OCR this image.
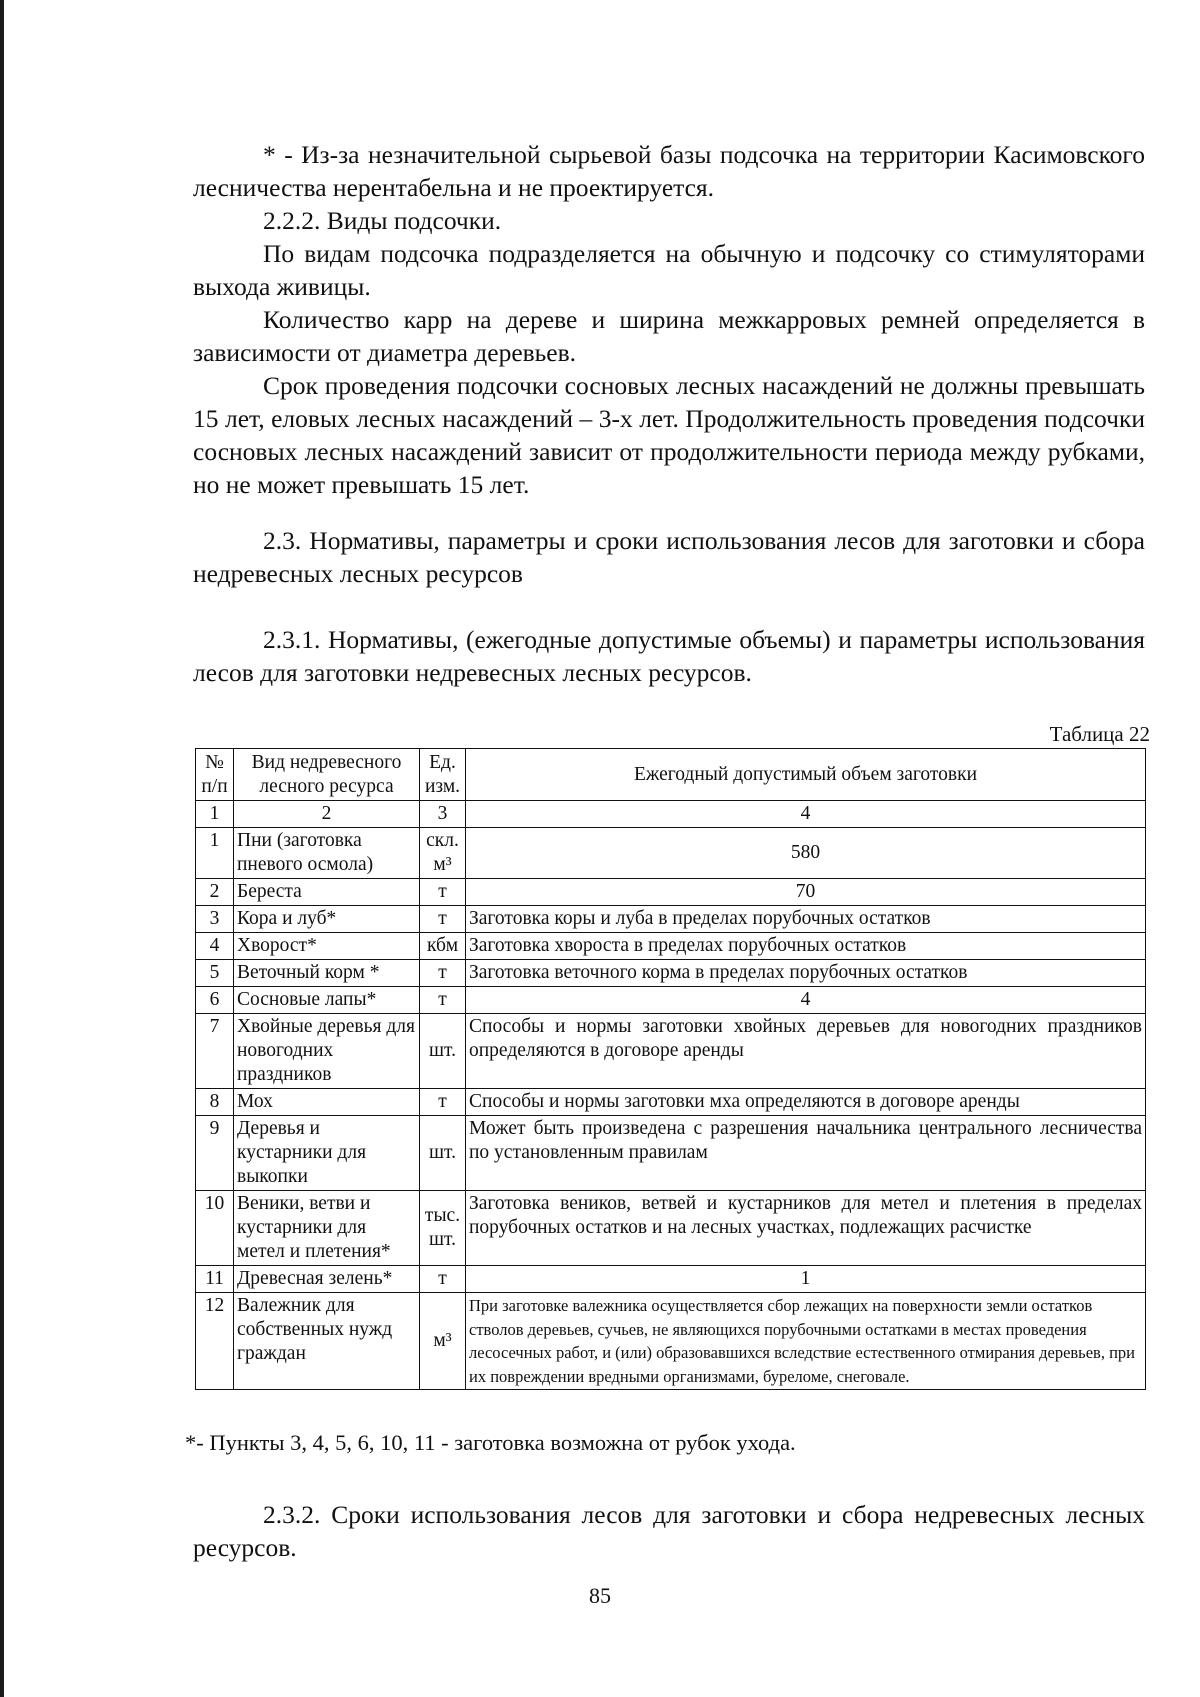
* - Из-за незначительной сырьевой базы подсочка на территории Касимовского лесничества нерентабельна и не проектируется.

2.2.2. Виды подсочки.

По видам подсочка подразделяется на обычную и подсочку со стимуляторами выхода живицы.

Количество карр на дереве и ширина межкарровых ремней определяется в зависимости от диаметра деревьев.

Срок проведения подсочки сосновых лесных насаждений не должны превышать 15 лет, еловых лесных насаждений – 3-х лет. Продолжительность проведения подсочки сосновых лесных насаждений зависит от продолжительности периода между рубками, но не может превышать 15 лет.

2.3. Нормативы, параметры и сроки использования лесов для заготовки и сбора недревесных лесных ресурсов

2.3.1. Нормативы, (ежегодные допустимые объемы) и параметры использования лесов для заготовки недревесных лесных ресурсов.

Таблица 22
№ п/п	Вид недревесного лесного ресурса	Ед. изм.	Ежегодный допустимый объем заготовки
1	2	3	4
1	Пни (заготовка пневого осмола)	скл. м³	580
2	Береста	т	70
3	Кора и луб*	т	Заготовка коры и луба в пределах порубочных остатков
4	Хворост*	кбм	Заготовка хвороста в пределах порубочных остатков
5	Веточный корм *	т	Заготовка веточного корма в пределах порубочных остатков
6	Сосновые лапы*	т	4
7	Хвойные деревья для новогодних праздников	шт.	Способы и нормы заготовки хвойных деревьев для новогодних праздников определяются в договоре аренды
8	Мох	т	Способы и нормы заготовки мха определяются в договоре аренды
9	Деревья и кустарники для выкопки	шт.	Может быть произведена с разрешения начальника центрального лесничества по установленным правилам
10	Веники, ветви и кустарники для метел и плетения*	тыс. шт.	Заготовка веников, ветвей и кустарников для метел и плетения в пределах порубочных остатков и на лесных участках, подлежащих расчистке
11	Древесная зелень*	т	1
12	Валежник для собственных нужд граждан	м³	При заготовке валежника осуществляется сбор лежащих на поверхности земли остатков стволов деревьев, сучьев, не являющихся порубочными остатками в местах проведения лесосечных работ, и (или) образовавшихся вследствие естественного отмирания деревьев, при их повреждении вредными организмами, буреломе, снеговале.
*- Пункты 3, 4, 5, 6, 10, 11 - заготовка возможна от рубок ухода.

2.3.2. Сроки использования лесов для заготовки и сбора недревесных лесных ресурсов.

85
